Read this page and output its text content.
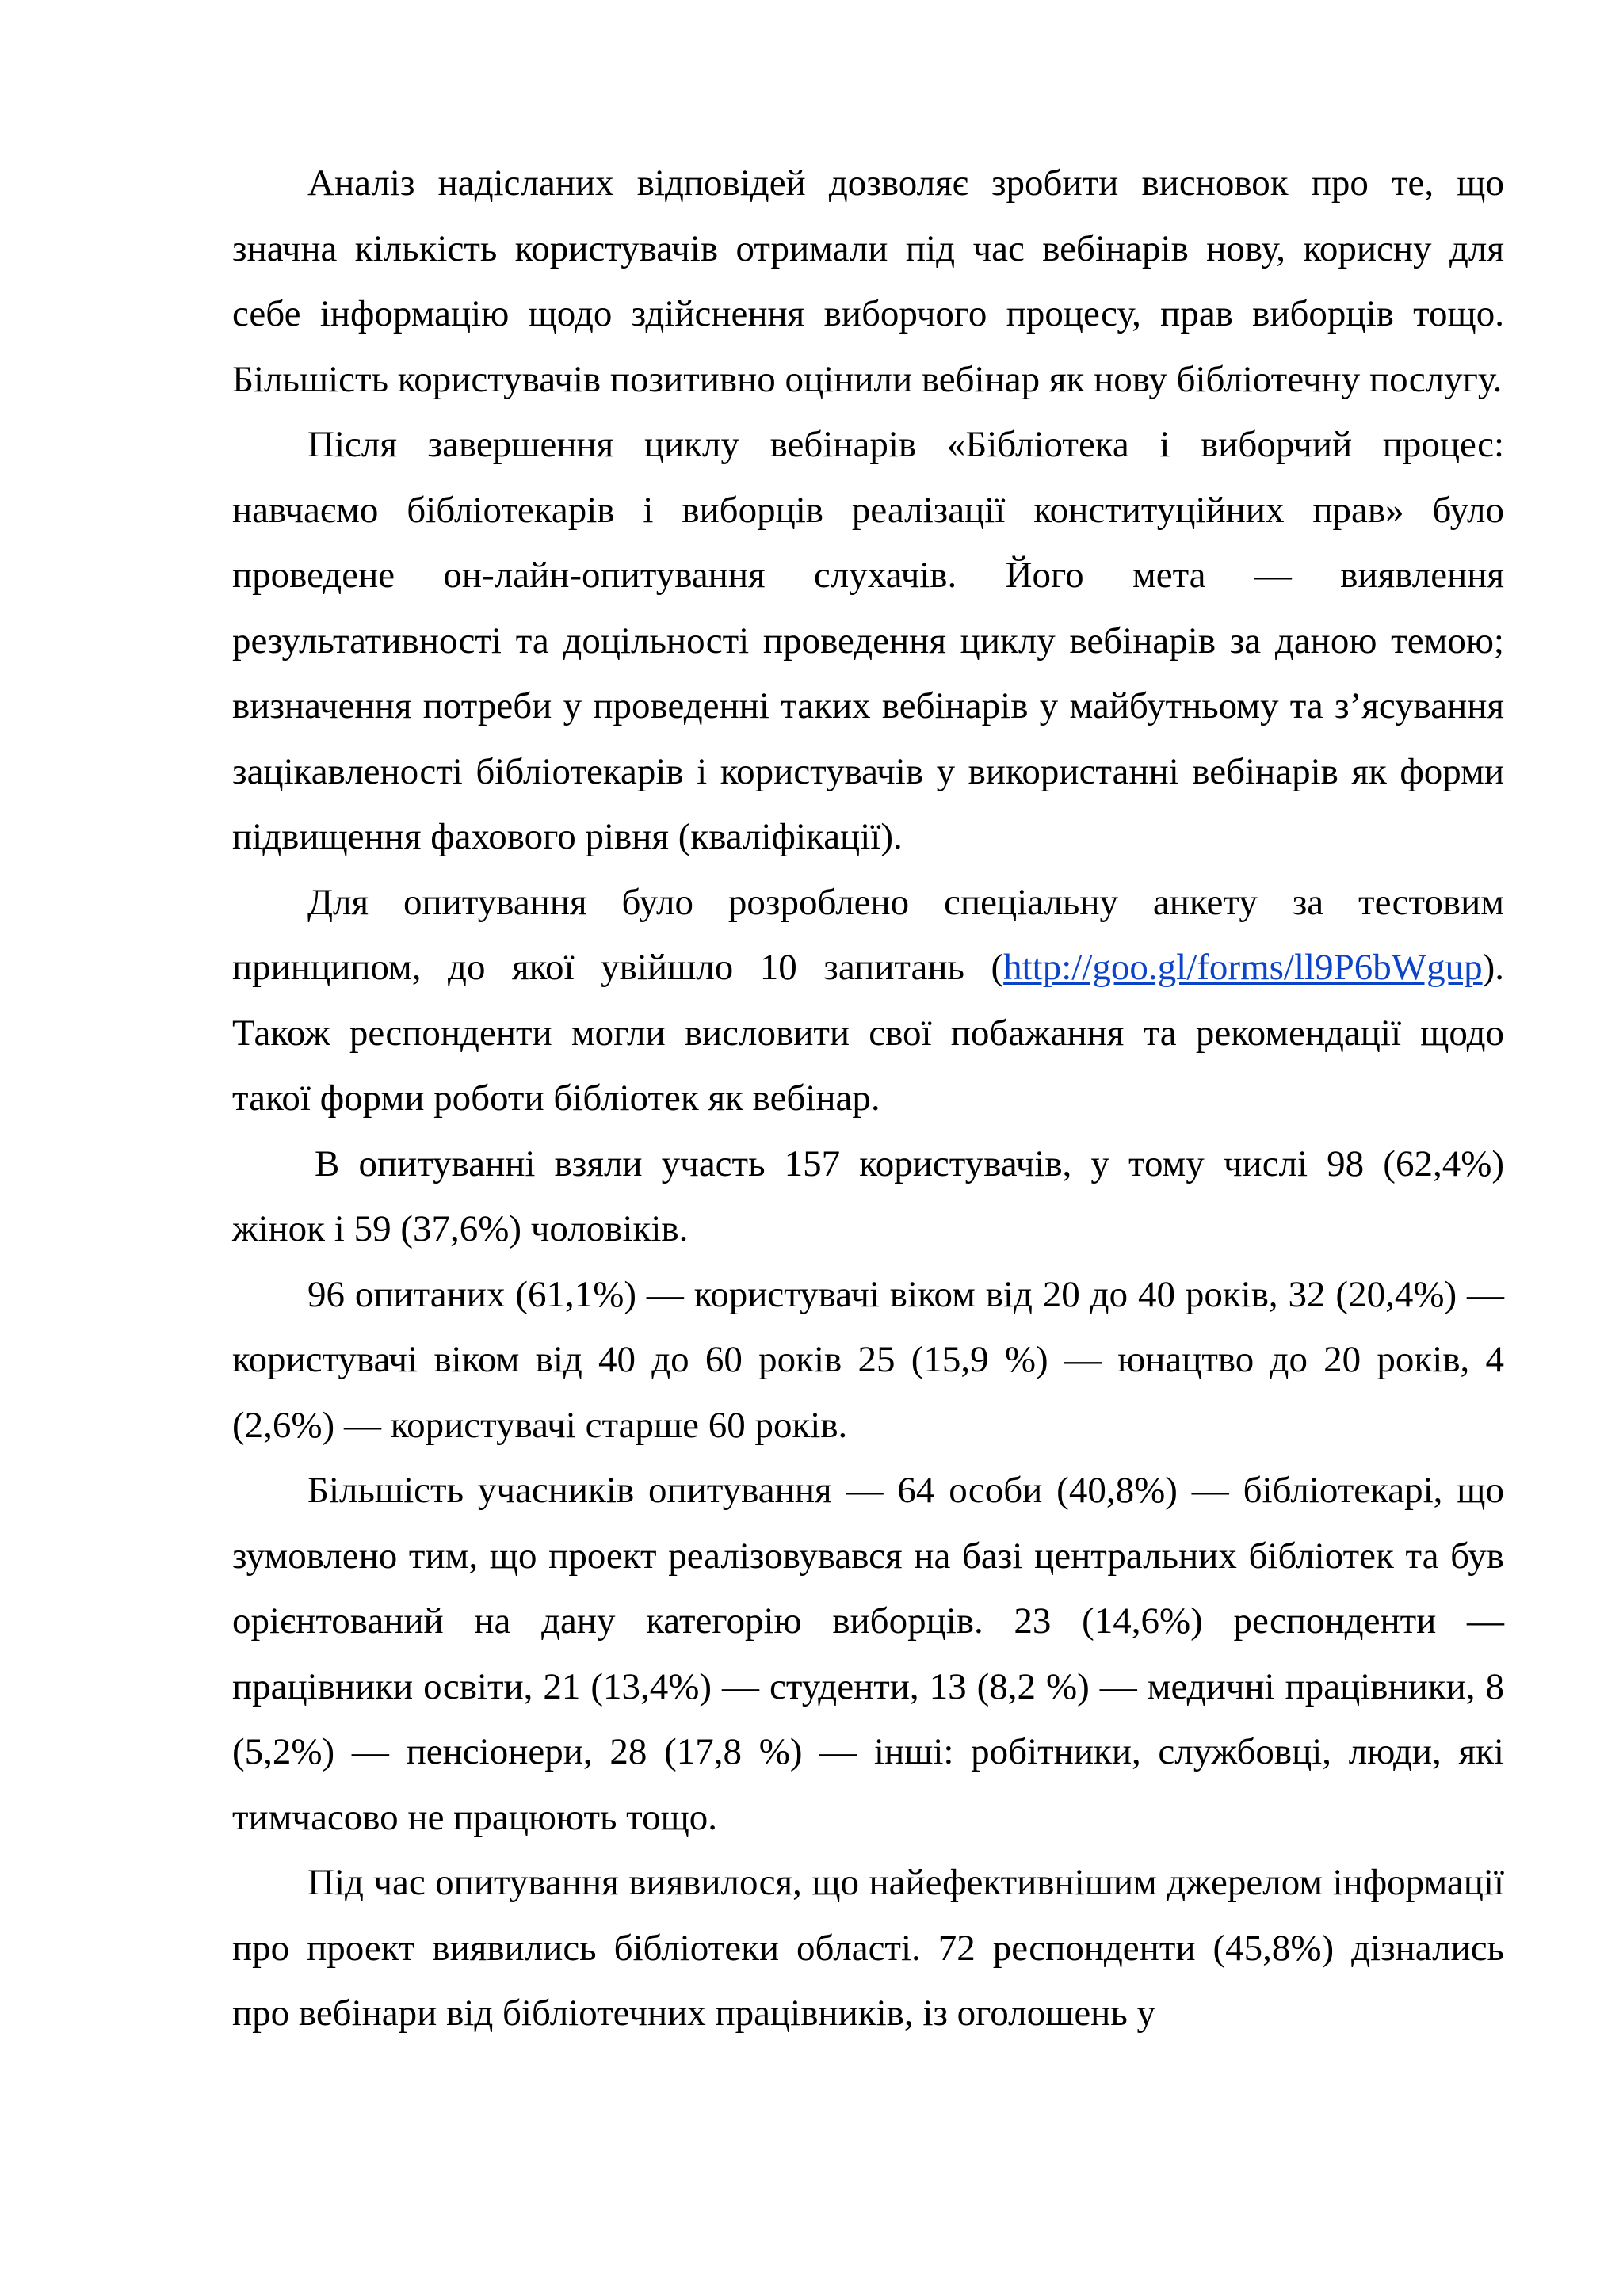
Аналіз надісланих відповідей дозволяє зробити висновок про те, що значна кількість користувачів отримали під час вебінарів нову, корисну для себе інформацію щодо здійснення виборчого процесу, прав виборців тощо. Більшість користувачів позитивно оцінили вебінар як нову бібліотечну послугу.

Після завершення циклу вебінарів «Бібліотека і виборчий процес: навчаємо бібліотекарів і виборців реалізації конституційних прав» було проведене он-лайн-опитування слухачів. Його мета — виявлення результативності та доцільності проведення циклу вебінарів за даною темою; визначення потреби у проведенні таких вебінарів у майбутньому та з’ясування зацікавленості бібліотекарів і користувачів у використанні вебінарів як форми підвищення фахового рівня (кваліфікації).

Для опитування було розроблено спеціальну анкету за тестовим принципом, до якої увійшло 10 запитань (http://goo.gl/forms/ll9P6bWgup). Також респонденти могли висловити свої побажання та рекомендації щодо такої форми роботи бібліотек як вебінар.

В опитуванні взяли участь 157 користувачів, у тому числі 98 (62,4%) жінок і 59 (37,6%) чоловіків.

96 опитаних (61,1%) — користувачі віком від 20 до 40 років, 32 (20,4%) — користувачі віком від 40 до 60 років 25 (15,9 %) — юнацтво до 20 років, 4 (2,6%) — користувачі старше 60 років.

Більшість учасників опитування — 64 особи (40,8%) — бібліотекарі, що зумовлено тим, що проект реалізовувався на базі центральних бібліотек та був орієнтований на дану категорію виборців. 23 (14,6%) респонденти — працівники освіти, 21 (13,4%) — студенти, 13 (8,2 %) — медичні працівники, 8 (5,2%) — пенсіонери, 28 (17,8 %) — інші: робітники, службовці, люди, які тимчасово не працюють тощо.

Під час опитування виявилося, що найефективнішим джерелом інформації про проект виявились бібліотеки області. 72 респонденти (45,8%) дізнались про вебінари від бібліотечних працівників, із оголошень у
